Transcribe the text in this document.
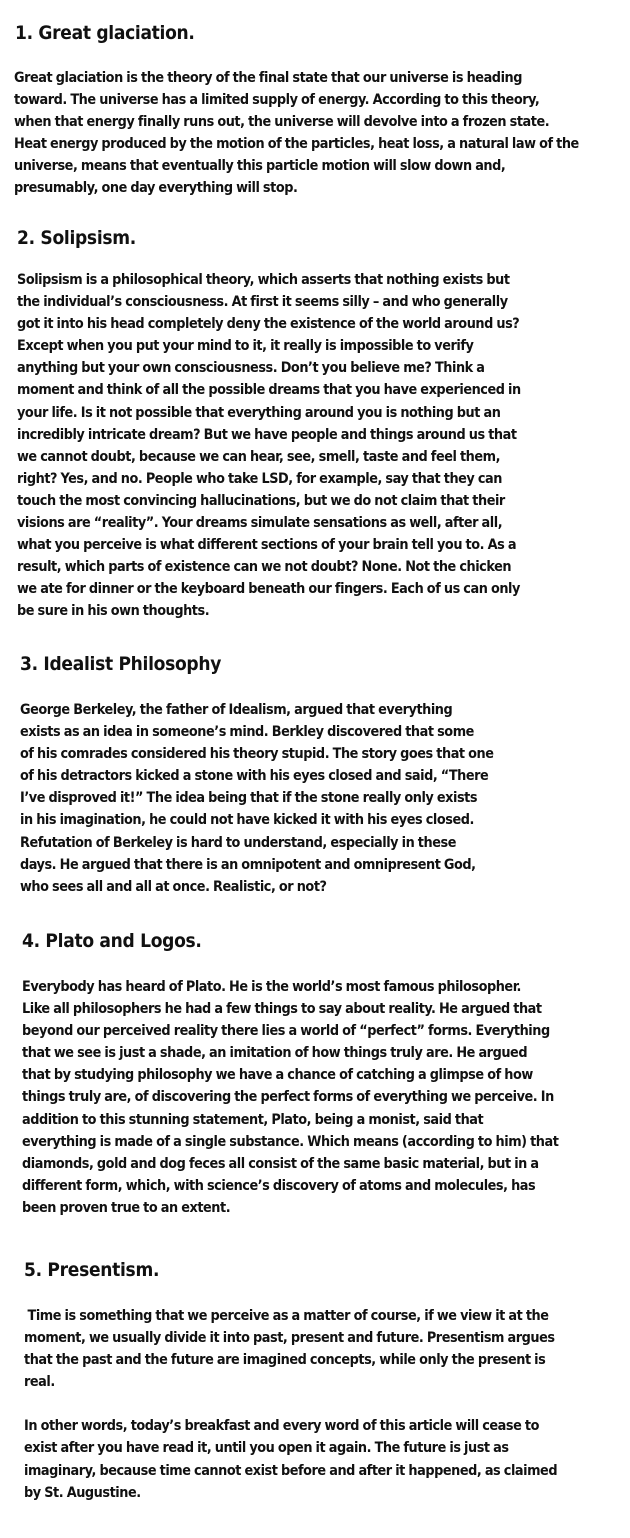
1. Great glaciation.

Great glaciation is the theory of the final state that our universe is heading
toward. The universe has a limited supply of energy. According to this theory,
when that energy finally runs out, the universe will devolve into a frozen state.
Heat energy produced by the motion of the particles, heat loss, a natural law of the
universe, means that eventually this particle motion will slow down and,
presumably, one day everything will stop.

2. Solipsism.

Solipsism is a philosophical theory, which asserts that nothing exists but
the individual’s consciousness. At first it seems silly – and who generally
got it into his head completely deny the existence of the world around us?
Except when you put your mind to it, it really is impossible to verify
anything but your own consciousness. Don’t you believe me? Think a
moment and think of all the possible dreams that you have experienced in
your life. Is it not possible that everything around you is nothing but an
incredibly intricate dream? But we have people and things around us that
we cannot doubt, because we can hear, see, smell, taste and feel them,
right? Yes, and no. People who take LSD, for example, say that they can
touch the most convincing hallucinations, but we do not claim that their
visions are “reality”. Your dreams simulate sensations as well, after all,
what you perceive is what different sections of your brain tell you to. As a
result, which parts of existence can we not doubt? None. Not the chicken
we ate for dinner or the keyboard beneath our fingers. Each of us can only
be sure in his own thoughts.

3. Idealist Philosophy

George Berkeley, the father of Idealism, argued that everything
exists as an idea in someone’s mind. Berkley discovered that some
of his comrades considered his theory stupid. The story goes that one
of his detractors kicked a stone with his eyes closed and said, “There
I’ve disproved it!” The idea being that if the stone really only exists
in his imagination, he could not have kicked it with his eyes closed.
Refutation of Berkeley is hard to understand, especially in these
days. He argued that there is an omnipotent and omnipresent God,
who sees all and all at once. Realistic, or not?

4. Plato and Logos.

Everybody has heard of Plato. He is the world’s most famous philosopher.
Like all philosophers he had a few things to say about reality. He argued that
beyond our perceived reality there lies a world of “perfect” forms. Everything
that we see is just a shade, an imitation of how things truly are. He argued
that by studying philosophy we have a chance of catching a glimpse of how
things truly are, of discovering the perfect forms of everything we perceive. In
addition to this stunning statement, Plato, being a monist, said that
everything is made of a single substance. Which means (according to him) that
diamonds, gold and dog feces all consist of the same basic material, but in a
different form, which, with science’s discovery of atoms and molecules, has
been proven true to an extent.

5. Presentism.

Time is something that we perceive as a matter of course, if we view it at the
moment, we usually divide it into past, present and future. Presentism argues
that the past and the future are imagined concepts, while only the present is
real.
In other words, today’s breakfast and every word of this article will cease to
exist after you have read it, until you open it again. The future is just as
imaginary, because time cannot exist before and after it happened, as claimed
by St. Augustine.
